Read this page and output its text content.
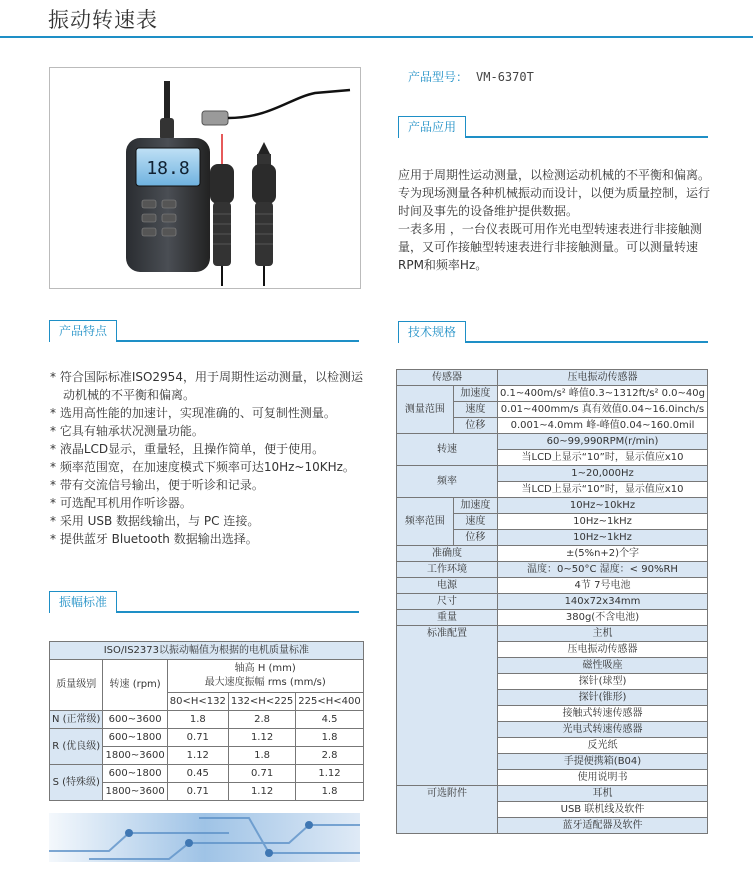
振动转速表
18.8
产品型号： VM-6370T
产品应用

应用于周期性运动测量，以检测运动机械的不平衡和偏离。专为现场测量各种机械振动而设计，以便为质量控制，运行时间及事先的设备维护提供数据。

一表多用 ，一台仪表既可用作光电型转速表进行非接触测量，又可作接触型转速表进行非接触测量。可以测量转速RPM和频率Hz。

产品特点
* 符合国际标准ISO2954，用于周期性运动测量，以检测运动机械的不平衡和偏离。
* 选用高性能的加速计，实现准确的、可复制性测量。
* 它具有轴承状况测量功能。
* 液晶LCD显示，重量轻，且操作简单，便于使用。
* 频率范围宽，在加速度模式下频率可达10Hz~10KHz。
* 带有交流信号输出，便于听诊和记录。
* 可选配耳机用作听诊器。
* 采用 USB 数据线输出，与 PC 连接。
* 提供蓝牙 Bluetooth 数据输出选择。
振幅标准
ISO/IS2373以振动幅值为根据的电机质量标准				
质量级别	转速 (rpm)	轴高 H (mm)
最大速度振幅 rms (mm/s)		
		80<H<132	132<H<225	225<H<400
N (正常级)	600~3600	1.8	2.8	4.5
R (优良级)	600~1800	0.71	1.12	1.8
	1800~3600	1.12	1.8	2.8
S (特殊级)	600~1800	0.45	0.71	1.12
	1800~3600	0.71	1.12	1.8
技术规格
传感器		压电振动传感器
测量范围	加速度	0.1~400m/s² 峰值0.3~1312ft/s² 0.0~40g
	速度	0.01~400mm/s 真有效值0.04~16.0inch/s
	位移	0.001~4.0mm 峰-峰值0.04~160.0mil
转速		60~99,990RPM(r/min)
		当LCD上显示“10”时，显示值应x10
频率		1~20,000Hz
		当LCD上显示“10”时，显示值应x10
频率范围	加速度	10Hz~10kHz
	速度	10Hz~1kHz
	位移	10Hz~1kHz
准确度		±(5%n+2)个字
工作环境		温度：0~50°C 湿度：< 90%RH
电源		4节 7号电池
尺寸		140x72x34mm
重量		380g(不含电池)
标准配置		主机
		压电振动传感器
		磁性吸座
		探针(球型)
		探针(锥形)
		接触式转速传感器
		光电式转速传感器
		反光纸
		手提便携箱(B04)
		使用说明书
可选附件		耳机
		USB 联机线及软件
		蓝牙适配器及软件
